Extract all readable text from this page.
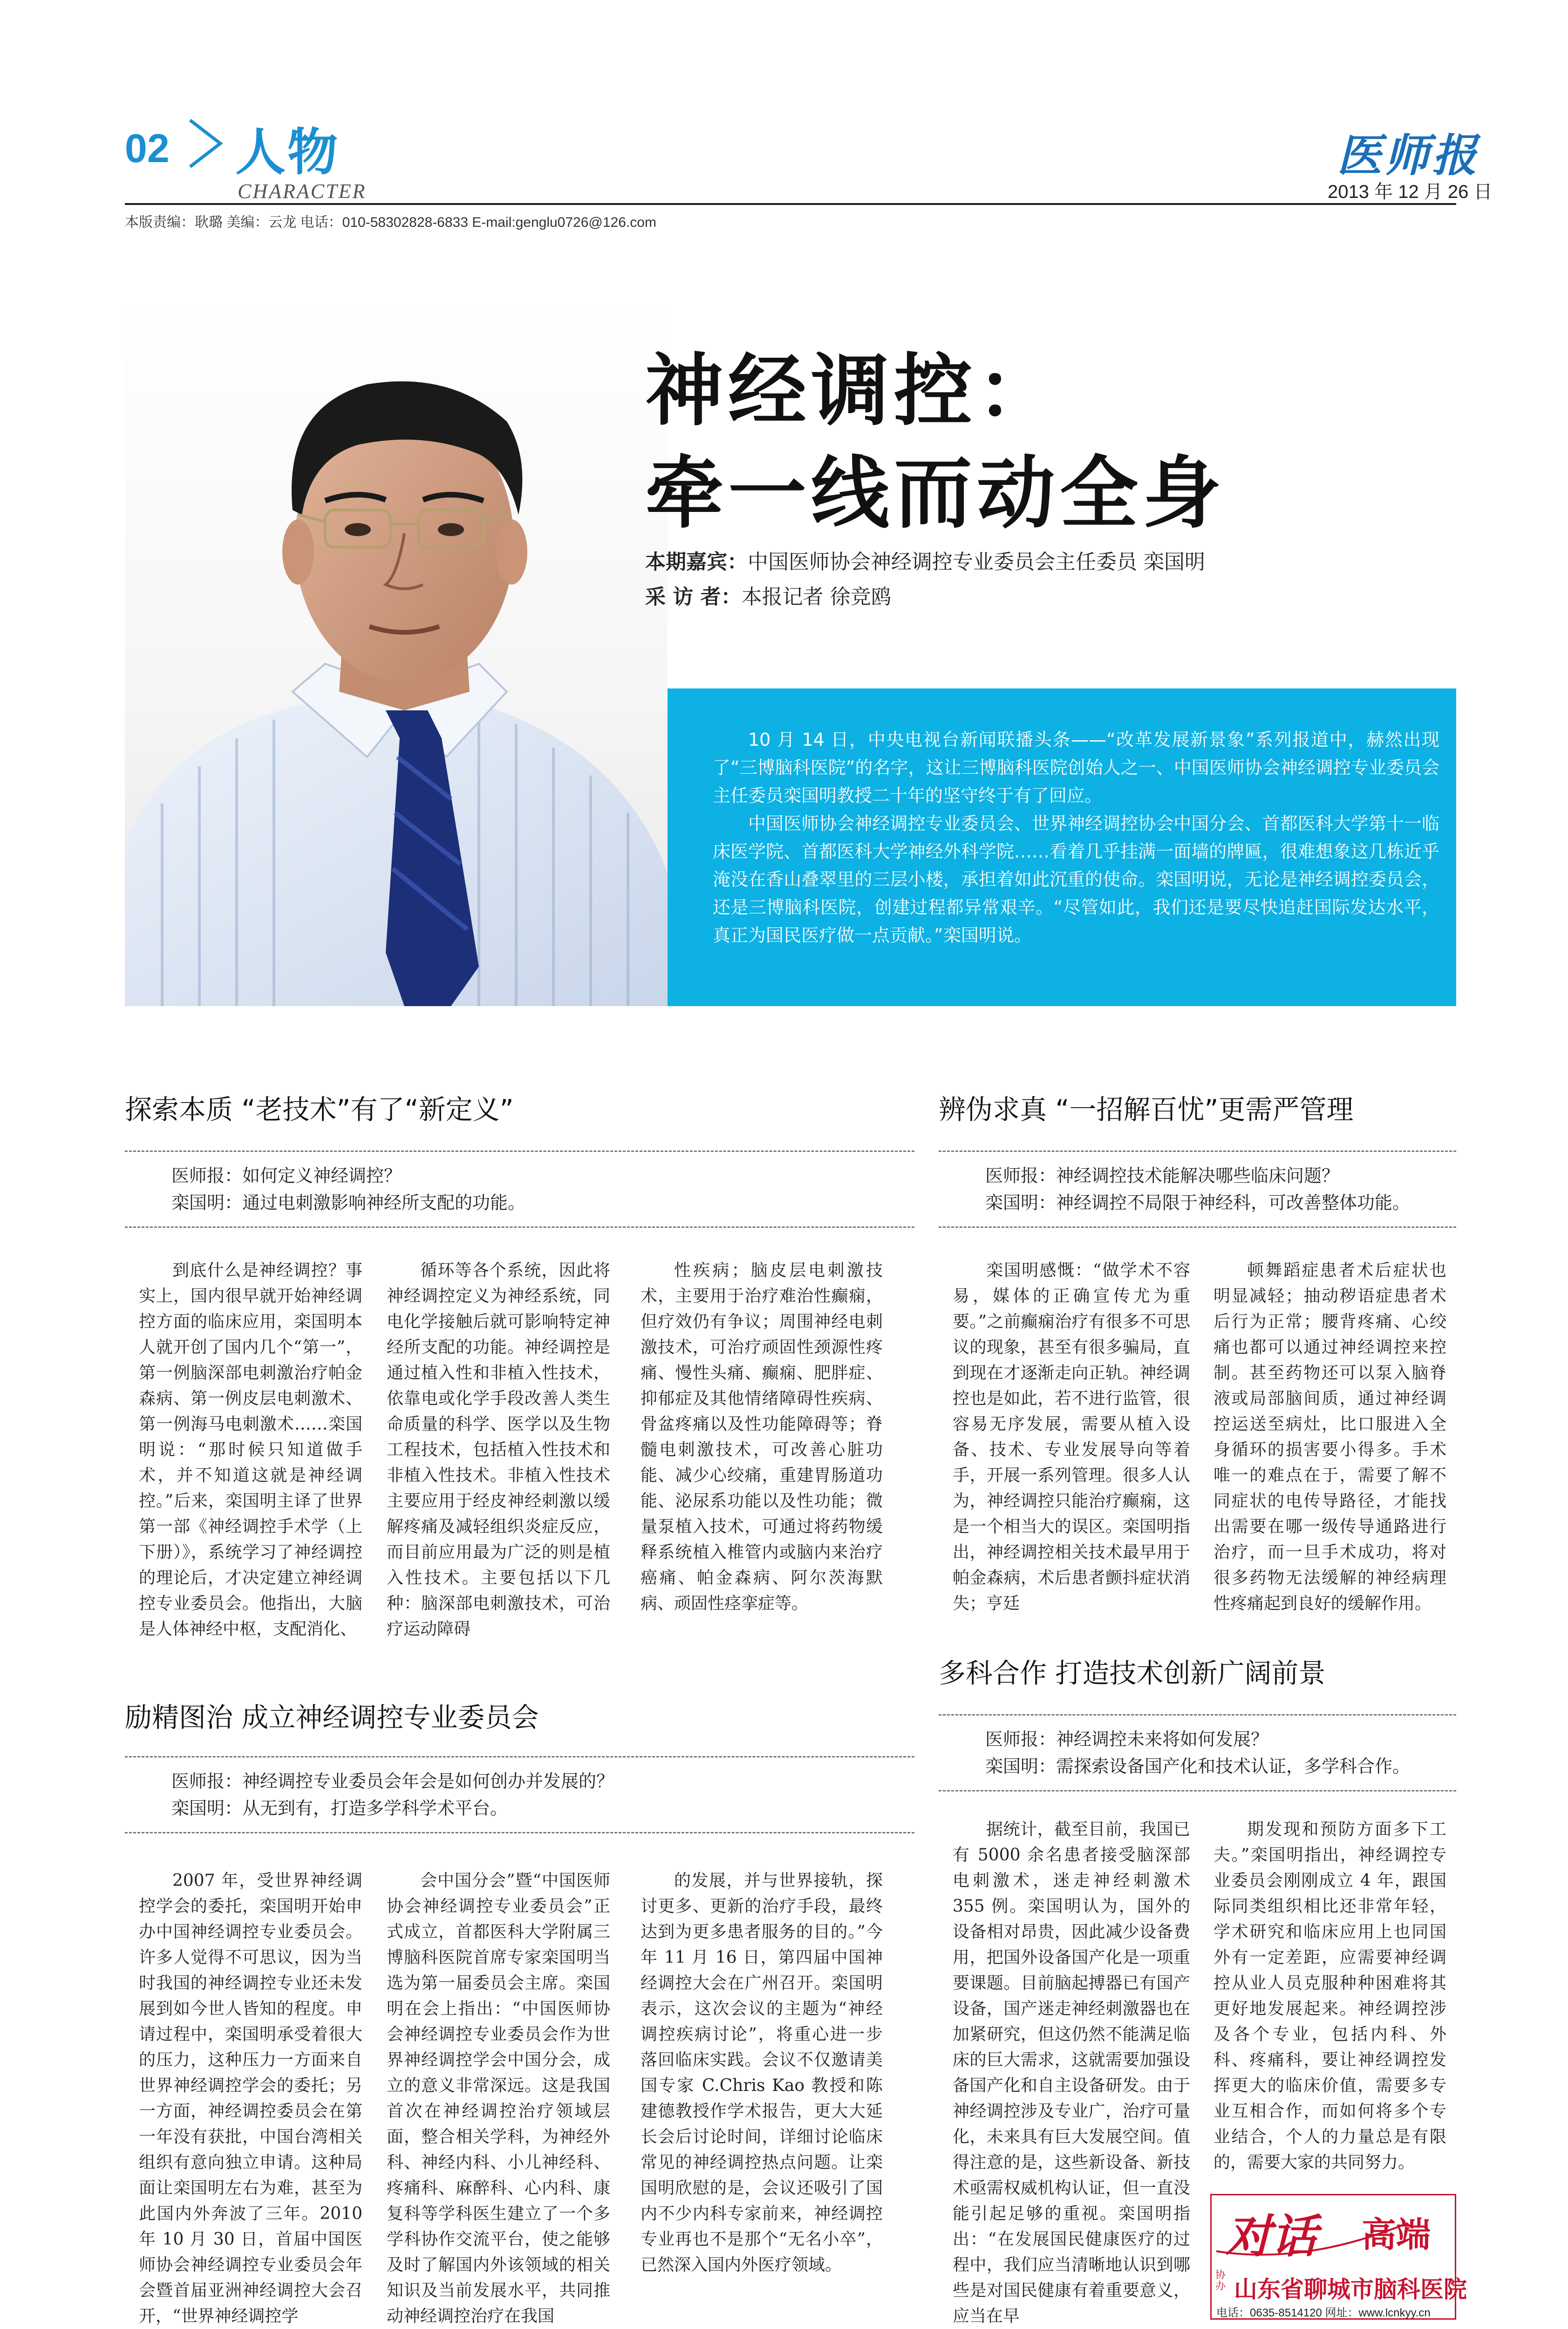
02 人物
CHARACTER
医师报
2013 年 12 月 26 日
本版责编：耿璐 美编：云龙 电话：010-58302828-6833 E-mail:genglu0726@126.com
神经调控：
牵一线而动全身
本期嘉宾：中国医师协会神经调控专业委员会主任委员 栾国明
采 访 者：本报记者 徐竞鸥

10 月 14 日，中央电视台新闻联播头条——“改革发展新景象”系列报道中，赫然出现了“三博脑科医院”的名字，这让三博脑科医院创始人之一、中国医师协会神经调控专业委员会主任委员栾国明教授二十年的坚守终于有了回应。

中国医师协会神经调控专业委员会、世界神经调控协会中国分会、首都医科大学第十一临床医学院、首都医科大学神经外科学院……看着几乎挂满一面墙的牌匾，很难想象这几栋近乎淹没在香山叠翠里的三层小楼，承担着如此沉重的使命。栾国明说，无论是神经调控委员会，还是三博脑科医院，创建过程都异常艰辛。“尽管如此，我们还是要尽快追赶国际发达水平，真正为国民医疗做一点贡献。”栾国明说。

探索本质 “老技术”有了“新定义”
医师报：如何定义神经调控？
栾国明：通过电刺激影响神经所支配的功能。

到底什么是神经调控？事实上，国内很早就开始神经调控方面的临床应用，栾国明本人就开创了国内几个“第一”，第一例脑深部电刺激治疗帕金森病、第一例皮层电刺激术、第一例海马电刺激术……栾国明说：“那时候只知道做手术，并不知道这就是神经调控。”后来，栾国明主译了世界第一部《神经调控手术学（上下册）》，系统学习了神经调控的理论后，才决定建立神经调控专业委员会。他指出，大脑是人体神经中枢，支配消化、

循环等各个系统，因此将神经调控定义为神经系统，同电化学接触后就可影响特定神经所支配的功能。神经调控是通过植入性和非植入性技术，依靠电或化学手段改善人类生命质量的科学、医学以及生物工程技术，包括植入性技术和非植入性技术。非植入性技术主要应用于经皮神经刺激以缓解疼痛及减轻组织炎症反应，而目前应用最为广泛的则是植入性技术。主要包括以下几种：脑深部电刺激技术，可治疗运动障碍

性疾病；脑皮层电刺激技术，主要用于治疗难治性癫痫，但疗效仍有争议；周围神经电刺激技术，可治疗顽固性颈源性疼痛、慢性头痛、癫痫、肥胖症、抑郁症及其他情绪障碍性疾病、骨盆疼痛以及性功能障碍等；脊髓电刺激技术，可改善心脏功能、减少心绞痛，重建胃肠道功能、泌尿系功能以及性功能；微量泵植入技术，可通过将药物缓释系统植入椎管内或脑内来治疗癌痛、帕金森病、阿尔茨海默病、顽固性痉挛症等。

励精图治 成立神经调控专业委员会
医师报：神经调控专业委员会年会是如何创办并发展的？
栾国明：从无到有，打造多学科学术平台。

2007 年，受世界神经调控学会的委托，栾国明开始申办中国神经调控专业委员会。许多人觉得不可思议，因为当时我国的神经调控专业还未发展到如今世人皆知的程度。申请过程中，栾国明承受着很大的压力，这种压力一方面来自世界神经调控学会的委托；另一方面，神经调控委员会在第一年没有获批，中国台湾相关组织有意向独立申请。这种局面让栾国明左右为难，甚至为此国内外奔波了三年。2010 年 10 月 30 日，首届中国医师协会神经调控专业委员会年会暨首届亚洲神经调控大会召开，“世界神经调控学

会中国分会”暨“中国医师协会神经调控专业委员会”正式成立，首都医科大学附属三博脑科医院首席专家栾国明当选为第一届委员会主席。栾国明在会上指出：“中国医师协会神经调控专业委员会作为世界神经调控学会中国分会，成立的意义非常深远。这是我国首次在神经调控治疗领域层面，整合相关学科，为神经外科、神经内科、小儿神经科、疼痛科、麻醉科、心内科、康复科等学科医生建立了一个多学科协作交流平台，使之能够及时了解国内外该领域的相关知识及当前发展水平，共同推动神经调控治疗在我国

的发展，并与世界接轨，探讨更多、更新的治疗手段，最终达到为更多患者服务的目的。”今年 11 月 16 日，第四届中国神经调控大会在广州召开。栾国明表示，这次会议的主题为“神经调控疾病讨论”，将重心进一步落回临床实践。会议不仅邀请美国专家 C.Chris Kao 教授和陈建德教授作学术报告，更大大延长会后讨论时间，详细讨论临床常见的神经调控热点问题。让栾国明欣慰的是，会议还吸引了国内不少内科专家前来，神经调控专业再也不是那个“无名小卒”，已然深入国内外医疗领域。

辨伪求真 “一招解百忧”更需严管理
医师报：神经调控技术能解决哪些临床问题？
栾国明：神经调控不局限于神经科，可改善整体功能。

栾国明感慨：“做学术不容易，媒体的正确宣传尤为重要。”之前癫痫治疗有很多不可思议的现象，甚至有很多骗局，直到现在才逐渐走向正轨。神经调控也是如此，若不进行监管，很容易无序发展，需要从植入设备、技术、专业发展导向等着手，开展一系列管理。很多人认为，神经调控只能治疗癫痫，这是一个相当大的误区。栾国明指出，神经调控相关技术最早用于帕金森病，术后患者颤抖症状消失；亨廷

顿舞蹈症患者术后症状也明显减轻；抽动秽语症患者术后行为正常；腰背疼痛、心绞痛也都可以通过神经调控来控制。甚至药物还可以泵入脑脊液或局部脑间质，通过神经调控运送至病灶，比口服进入全身循环的损害要小得多。手术唯一的难点在于，需要了解不同症状的电传导路径，才能找出需要在哪一级传导通路进行治疗，而一旦手术成功，将对很多药物无法缓解的神经病理性疼痛起到良好的缓解作用。

多科合作 打造技术创新广阔前景
医师报：神经调控未来将如何发展？
栾国明：需探索设备国产化和技术认证，多学科合作。

据统计，截至目前，我国已有 5000 余名患者接受脑深部电刺激术，迷走神经刺激术 355 例。栾国明认为，国外的设备相对昂贵，因此减少设备费用，把国外设备国产化是一项重要课题。目前脑起搏器已有国产设备，国产迷走神经刺激器也在加紧研究，但这仍然不能满足临床的巨大需求，这就需要加强设备国产化和自主设备研发。由于神经调控涉及专业广，治疗可量化，未来具有巨大发展空间。值得注意的是，这些新设备、新技术亟需权威机构认证，但一直没能引起足够的重视。栾国明指出：“在发展国民健康医疗的过程中，我们应当清晰地认识到哪些是对国民健康有着重要意义，应当在早

期发现和预防方面多下工夫。”栾国明指出，神经调控专业委员会刚刚成立 4 年，跟国际同类组织相比还非常年轻，学术研究和临床应用上也同国外有一定差距，应需要神经调控从业人员克服种种困难将其更好地发展起来。神经调控涉及各个专业，包括内科、外科、疼痛科，要让神经调控发挥更大的临床价值，需要多专业互相合作，而如何将多个专业结合，个人的力量总是有限的，需要大家的共同努力。

对话 高端
协办 山东省聊城市脑科医院
电话：0635-8514120 网址：www.lcnkyy.cn
